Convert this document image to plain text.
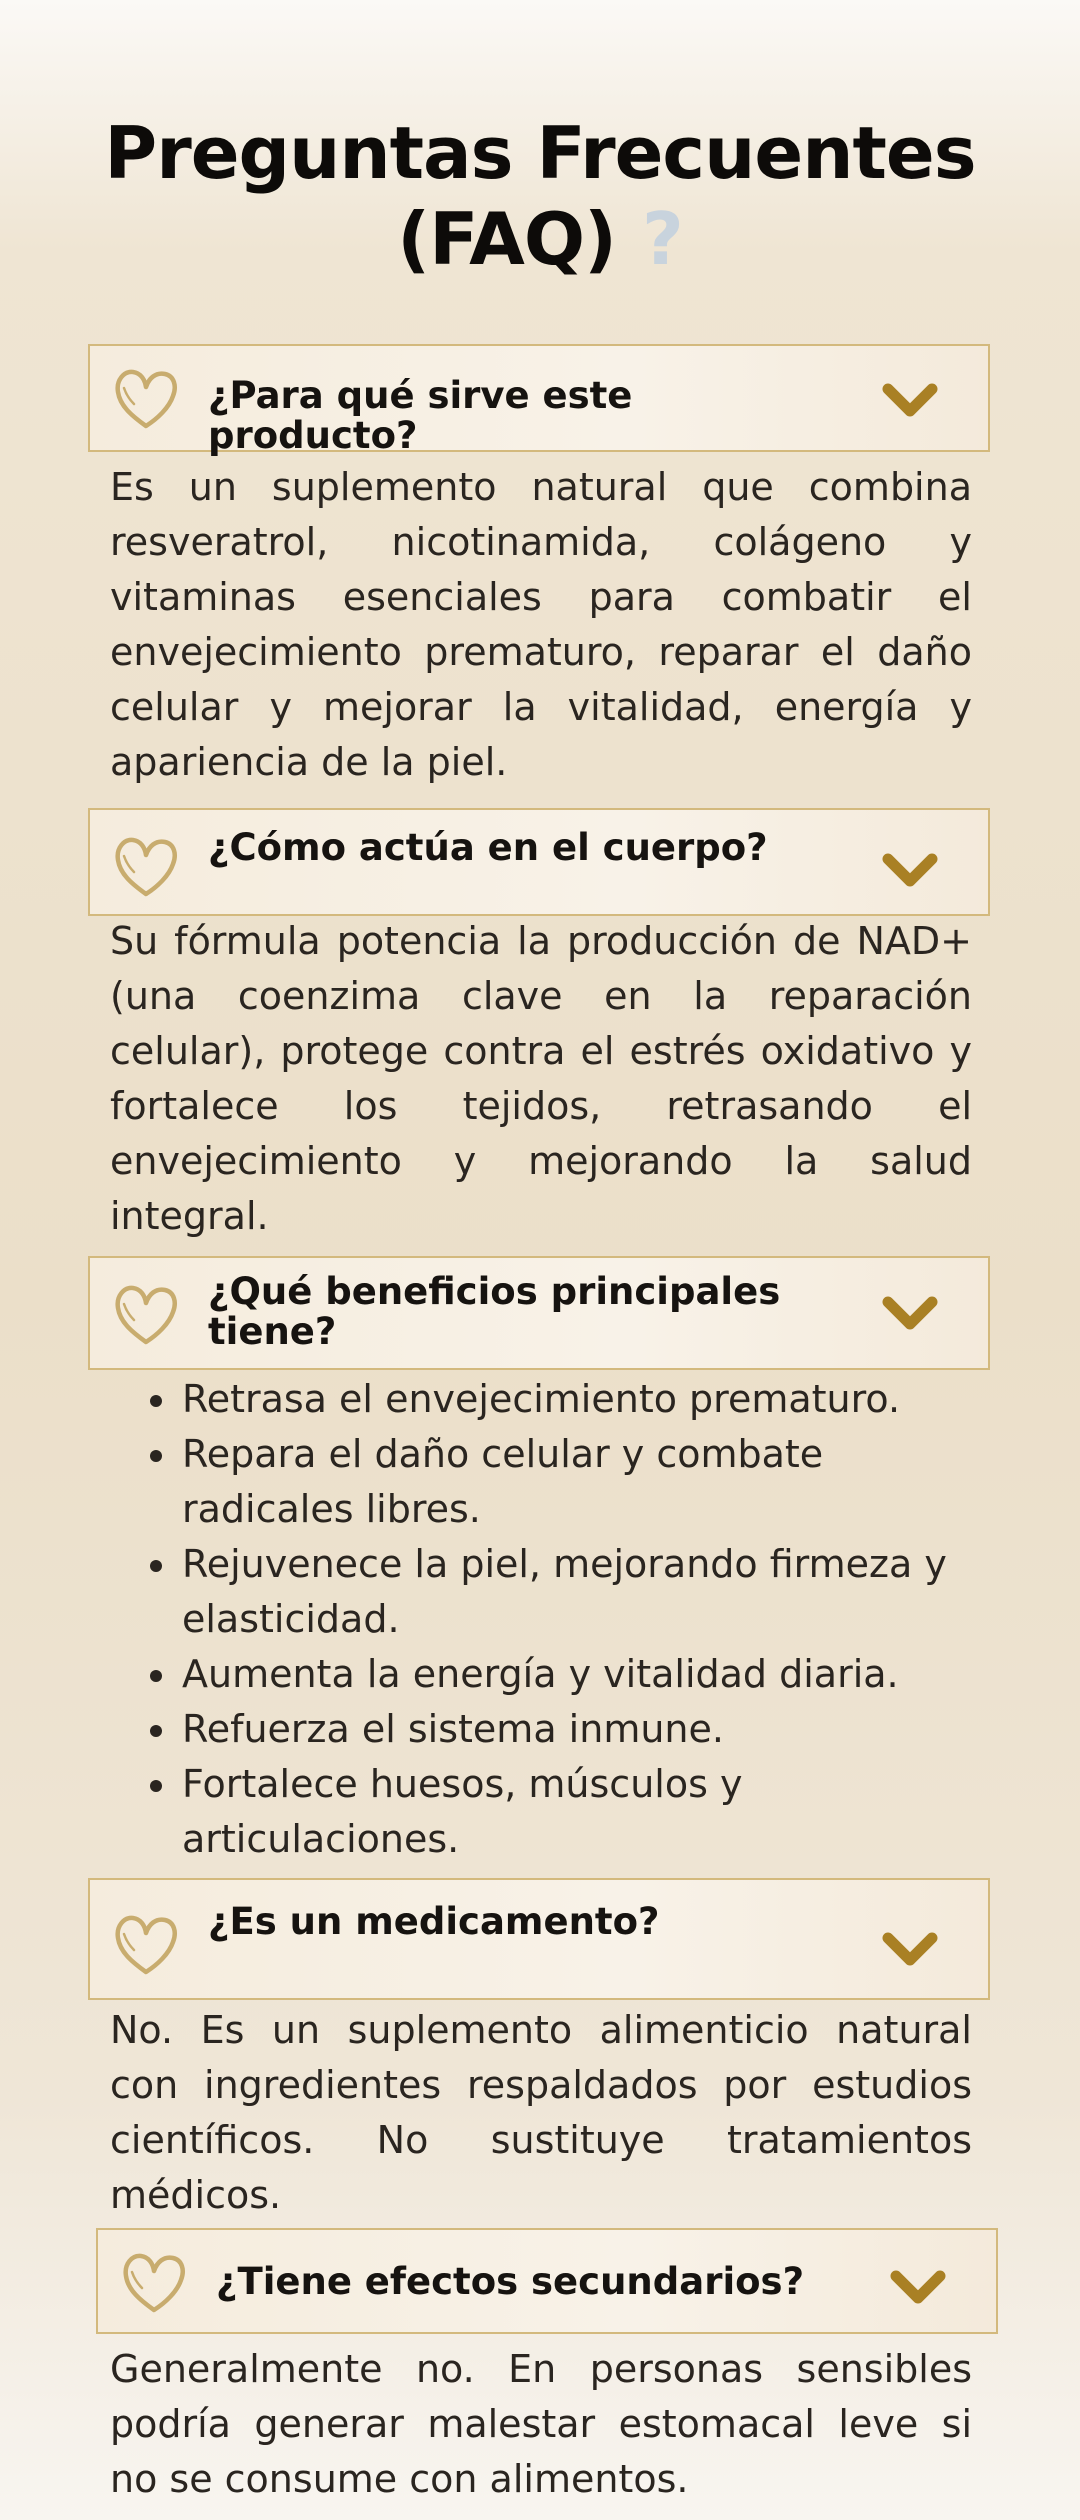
Preguntas Frecuentes
(FAQ) ?
¿Para qué sirve este producto?
Es un suplemento natural que combina resveratrol, nicotinamida, colágeno y vitaminas esenciales para combatir el envejecimiento prematuro, reparar el daño celular y mejorar la vitalidad, energía y apariencia de la piel.
¿Cómo actúa en el cuerpo?
Su fórmula potencia la producción de NAD+ (una coenzima clave en la reparación celular), protege contra el estrés oxidativo y fortalece los tejidos, retrasando el envejecimiento y mejorando la salud integral.
¿Qué beneficios principales tiene?
• Retrasa el envejecimiento prematuro.
• Repara el daño celular y combate radicales libres.
• Rejuvenece la piel, mejorando firmeza y elasticidad.
• Aumenta la energía y vitalidad diaria.
• Refuerza el sistema inmune.
• Fortalece huesos, músculos y articulaciones.
¿Es un medicamento?
No. Es un suplemento alimenticio natural con ingredientes respaldados por estudios científicos. No sustituye tratamientos médicos.
¿Tiene efectos secundarios?
Generalmente no. En personas sensibles podría generar malestar estomacal leve si no se consume con alimentos.
